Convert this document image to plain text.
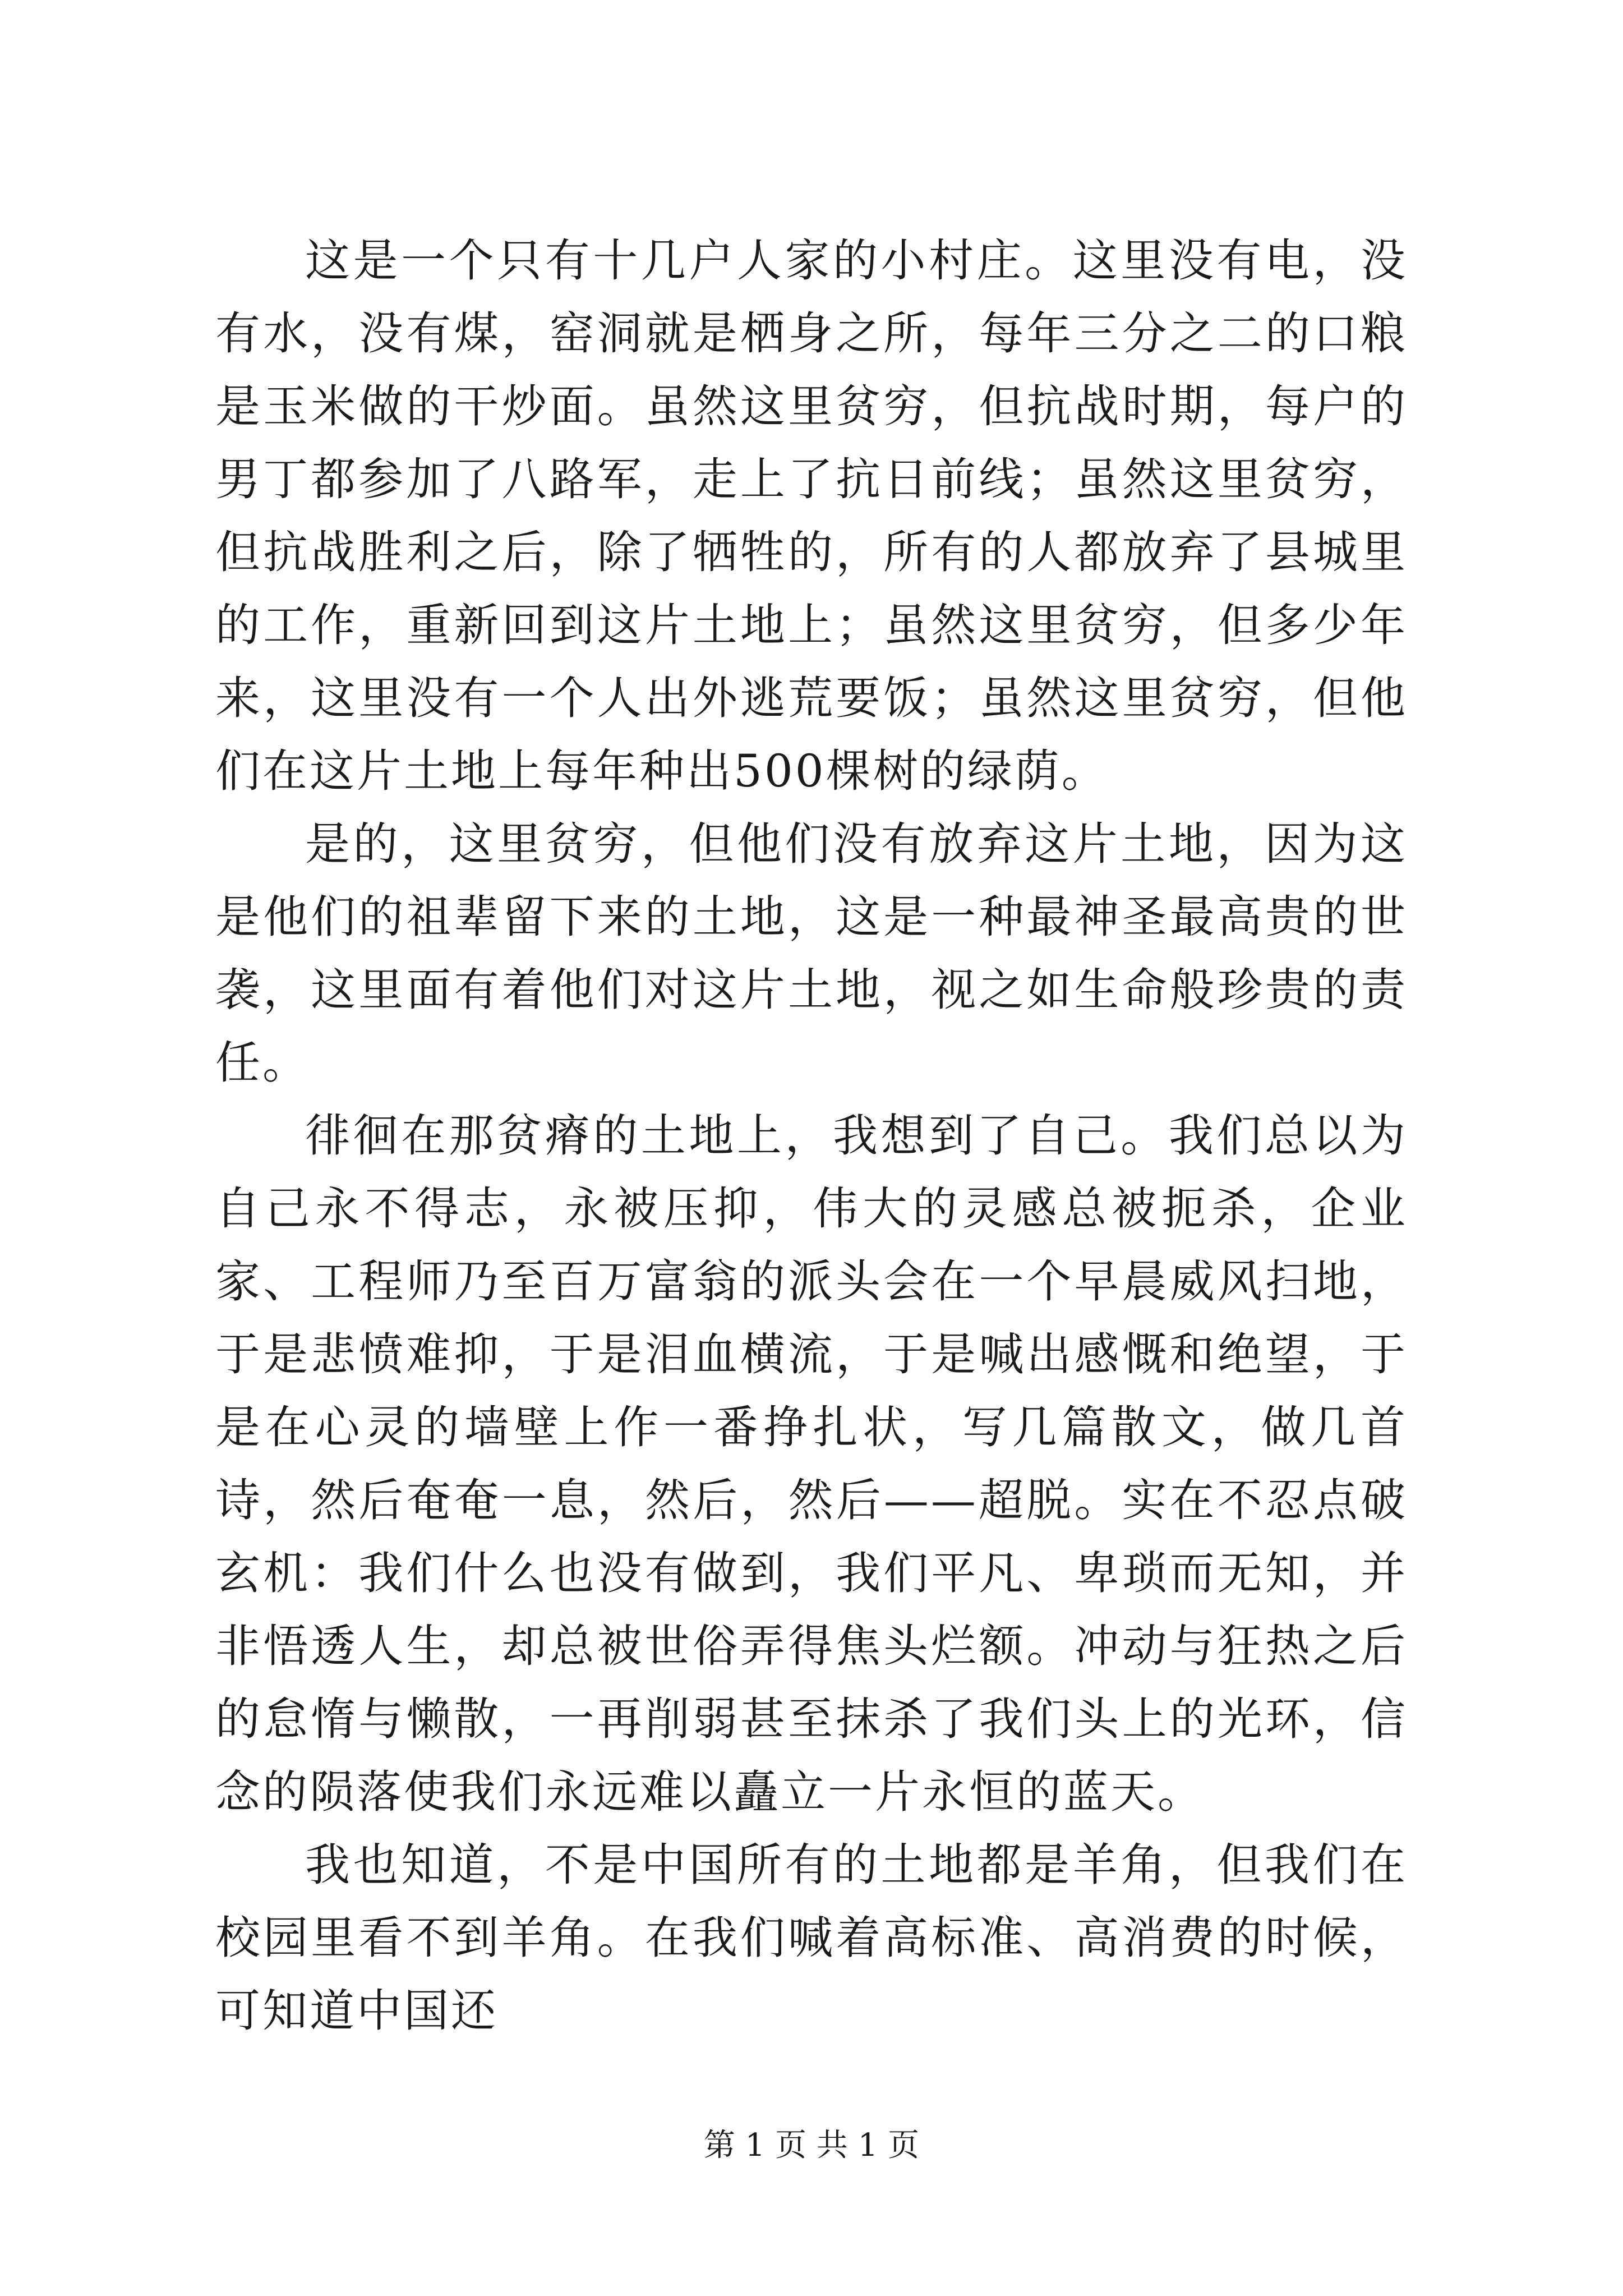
这是一个只有十几户人家的小村庄。这里没有电，没有水，没有煤，窑洞就是栖身之所，每年三分之二的口粮是玉米做的干炒面。虽然这里贫穷，但抗战时期，每户的男丁都参加了八路军，走上了抗日前线；虽然这里贫穷，但抗战胜利之后，除了牺牲的，所有的人都放弃了县城里的工作，重新回到这片土地上；虽然这里贫穷，但多少年来，这里没有一个人出外逃荒要饭；虽然这里贫穷，但他们在这片土地上每年种出500棵树的绿荫。

是的，这里贫穷，但他们没有放弃这片土地，因为这是他们的祖辈留下来的土地，这是一种最神圣最高贵的世袭，这里面有着他们对这片土地，视之如生命般珍贵的责任。

徘徊在那贫瘠的土地上，我想到了自己。我们总以为自己永不得志，永被压抑，伟大的灵感总被扼杀，企业家、工程师乃至百万富翁的派头会在一个早晨威风扫地，于是悲愤难抑，于是泪血横流，于是喊出感慨和绝望，于是在心灵的墙壁上作一番挣扎状，写几篇散文，做几首诗，然后奄奄一息，然后，然后——超脱。实在不忍点破玄机：我们什么也没有做到，我们平凡、卑琐而无知，并非悟透人生，却总被世俗弄得焦头烂额。冲动与狂热之后的怠惰与懒散，一再削弱甚至抹杀了我们头上的光环，信念的陨落使我们永远难以矗立一片永恒的蓝天。

我也知道，不是中国所有的土地都是羊角，但我们在校园里看不到羊角。在我们喊着高标准、高消费的时候，可知道中国还

第 1 页 共 1 页
